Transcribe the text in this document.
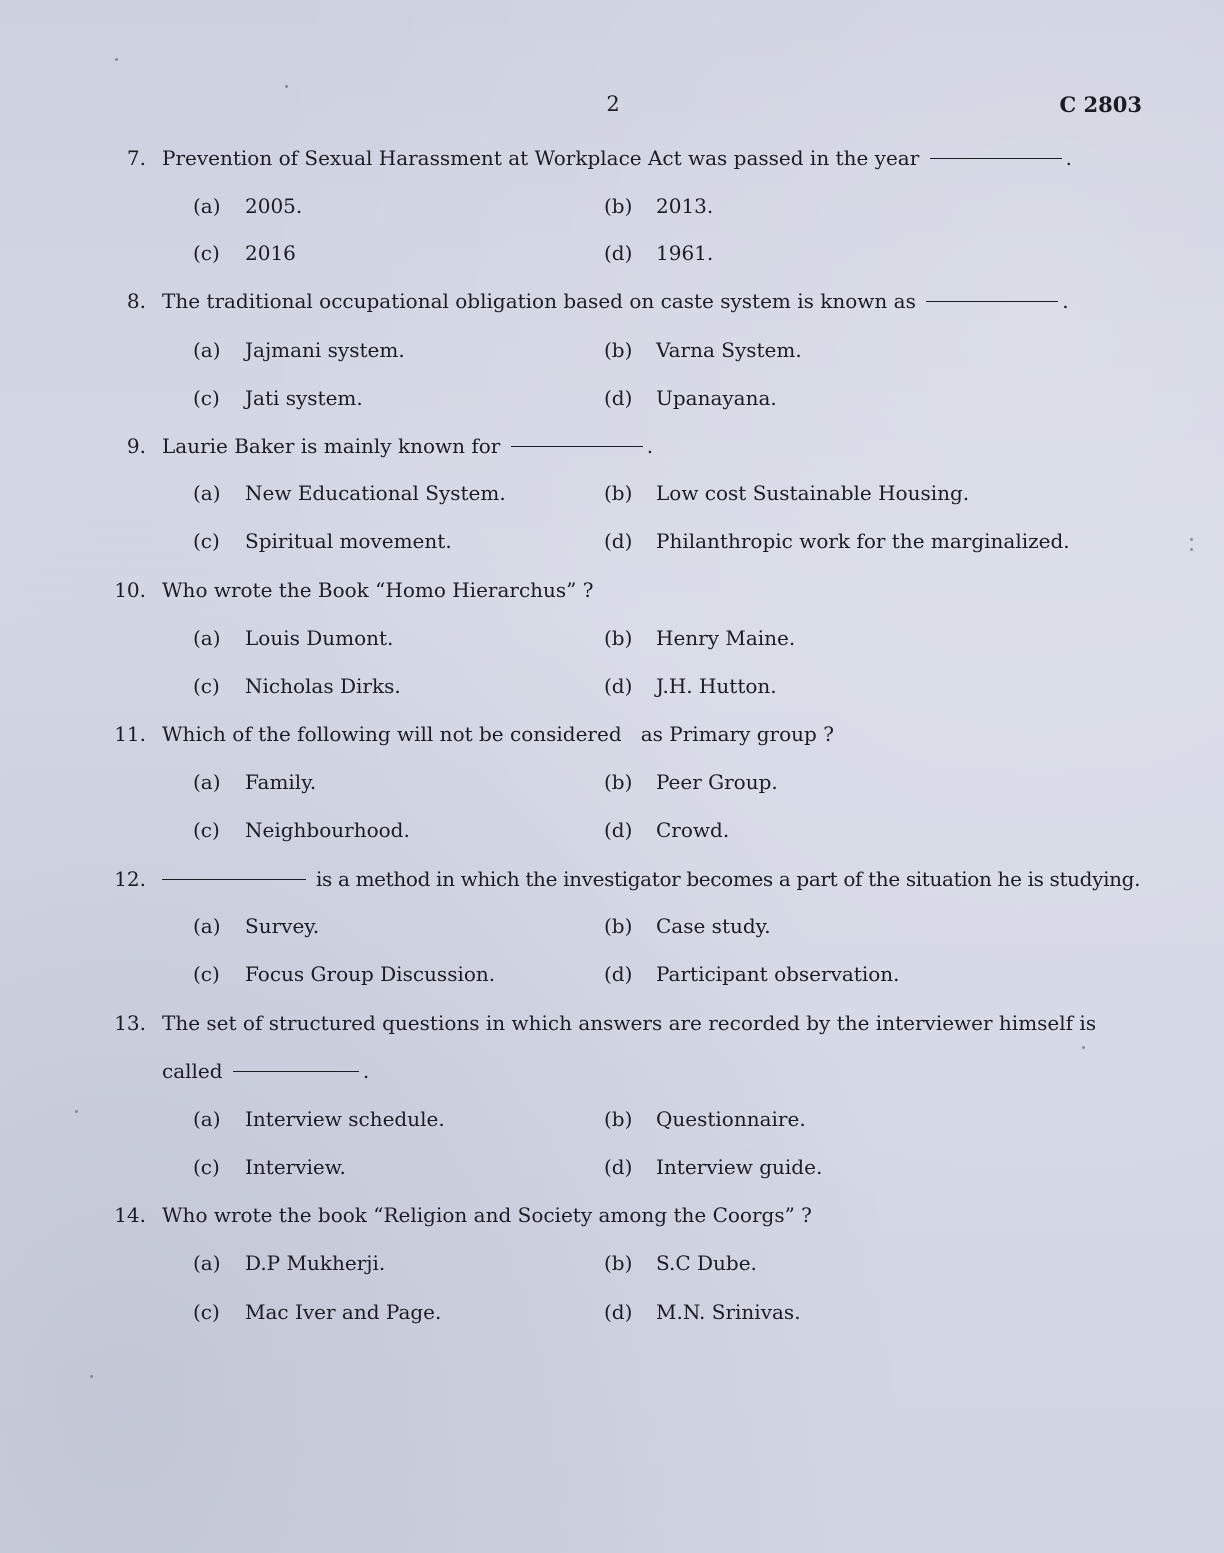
2	C 2803
7. Prevention of Sexual Harassment at Workplace Act was passed in the year	.
(a) 2005.	(b) 2013.
(c) 2016	(d) 1961.
8. The traditional occupational obligation based on caste system is known as	.
(a) Jajmani system.	(b) Varna System.
(c) Jati system.	(d) Upanayana.
9. Laurie Baker is mainly known for	.
(a) New Educational System.	(b) Low cost Sustainable Housing.
(c) Spiritual movement.	(d) Philanthropic work for the marginalized.
10. Who wrote the Book “Homo Hierarchus” ?
(a) Louis Dumont.	(b) Henry Maine.
(c) Nicholas Dirks.	(d) J.H. Hutton.
11. Which of the following will not be considered   as Primary group ?
(a) Family.	(b) Peer Group.
(c) Neighbourhood.	(d) Crowd.
12.	is a method in which the investigator becomes a part of the situation he is studying.
(a) Survey.	(b) Case study.
(c) Focus Group Discussion.	(d) Participant observation.
13. The set of structured questions in which answers are recorded by the interviewer himself is
called	.
(a) Interview schedule.	(b) Questionnaire.
(c) Interview.	(d) Interview guide.
14. Who wrote the book “Religion and Society among the Coorgs” ?
(a) D.P Mukherji.	(b) S.C Dube.
(c) Mac Iver and Page.	(d) M.N. Srinivas.
